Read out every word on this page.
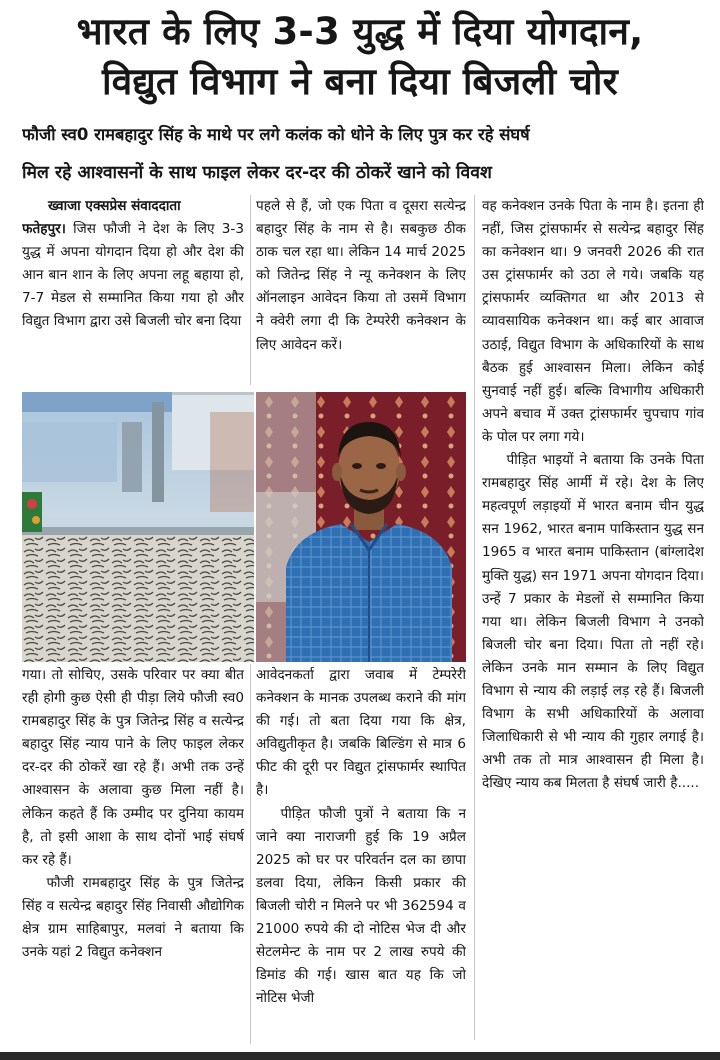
भारत के लिए 3-3 युद्ध में दिया योगदान,
विद्युत विभाग ने बना दिया बिजली चोर
फौजी स्व0 रामबहादुर सिंह के माथे पर लगे कलंक को धोने के लिए पुत्र कर रहे संघर्ष
मिल रहे आश्वासनों के साथ फाइल लेकर दर-दर की ठोकरें खाने को विवश
ख्वाजा एक्सप्रेस संवाददाता
फतेहपुर। जिस फौजी ने देश के लिए 3-3 युद्ध में अपना योगदान दिया हो और देश की आन बान शान के लिए अपना लहू बहाया हो, 7-7 मेडल से सम्मानित किया गया हो और विद्युत विभाग द्वारा उसे बिजली चोर बना दिया

पहले से हैं, जो एक पिता व दूसरा सत्येन्द्र बहादुर सिंह के नाम से है। सबकुछ ठीक ठाक चल रहा था। लेकिन 14 मार्च 2025 को जितेन्द्र सिंह ने न्यू कनेक्शन के लिए ऑनलाइन आवेदन किया तो उसमें विभाग ने क्वेरी लगा दी कि टेम्परेरी कनेक्शन के लिए आवेदन करें।

वह कनेक्शन उनके पिता के नाम है। इतना ही नहीं, जिस ट्रांसफार्मर से सत्येन्द्र बहादुर सिंह का कनेक्शन था। 9 जनवरी 2026 की रात उस ट्रांसफार्मर को उठा ले गये। जबकि यह ट्रांसफार्मर व्यक्तिगत था और 2013 से व्यावसायिक कनेक्शन था। कई बार आवाज उठाई, विद्युत विभाग के अधिकारियों के साथ बैठक हुई आश्वासन मिला। लेकिन कोई सुनवाई नहीं हुई। बल्कि विभागीय अधिकारी अपने बचाव में उक्त ट्रांसफार्मर चुपचाप गांव के पोल पर लगा गये।

पीड़ित भाइयों ने बताया कि उनके पिता रामबहादुर सिंह आर्मी में रहे। देश के लिए महत्वपूर्ण लड़ाइयों में भारत बनाम चीन युद्ध सन 1962, भारत बनाम पाकिस्तान युद्ध सन 1965 व भारत बनाम पाकिस्तान (बांग्लादेश मुक्ति युद्ध) सन 1971 अपना योगदान दिया। उन्हें 7 प्रकार के मेडलों से सम्मानित किया गया था। लेकिन बिजली विभाग ने उनको बिजली चोर बना दिया। पिता तो नहीं रहे। लेकिन उनके मान सम्मान के लिए विद्युत विभाग से न्याय की लड़ाई लड़ रहे हैं। बिजली विभाग के सभी अधिकारियों के अलावा जिलाधिकारी से भी न्याय की गुहार लगाई है। अभी तक तो मात्र आश्वासन ही मिला है। देखिए न्याय कब मिलता है संघर्ष जारी है.....

गया। तो सोचिए, उसके परिवार पर क्या बीत रही होगी कुछ ऐसी ही पीड़ा लिये फौजी स्व0 रामबहादुर सिंह के पुत्र जितेन्द्र सिंह व सत्येन्द्र बहादुर सिंह न्याय पाने के लिए फाइल लेकर दर-दर की ठोकरें खा रहे हैं। अभी तक उन्हें आश्वासन के अलावा कुछ मिला नहीं है। लेकिन कहते हैं कि उम्मीद पर दुनिया कायम है, तो इसी आशा के साथ दोनों भाई संघर्ष कर रहे हैं।

फौजी रामबहादुर सिंह के पुत्र जितेन्द्र सिंह व सत्येन्द्र बहादुर सिंह निवासी औद्योगिक क्षेत्र ग्राम साहिबापुर, मलवां ने बताया कि उनके यहां 2 विद्युत कनेक्शन

आवेदनकर्ता द्वारा जवाब में टेम्परेरी कनेक्शन के मानक उपलब्ध कराने की मांग की गई। तो बता दिया गया कि क्षेत्र, अविद्युतीकृत है। जबकि बिल्डिंग से मात्र 6 फीट की दूरी पर विद्युत ट्रांसफार्मर स्थापित है।

पीड़ित फौजी पुत्रों ने बताया कि न जाने क्या नाराजगी हुई कि 19 अप्रैल 2025 को घर पर परिवर्तन दल का छापा डलवा दिया, लेकिन किसी प्रकार की बिजली चोरी न मिलने पर भी 362594 व 21000 रुपये की दो नोटिस भेज दी और सेटलमेन्ट के नाम पर 2 लाख रुपये की डिमांड की गई। खास बात यह कि जो नोटिस भेजी
